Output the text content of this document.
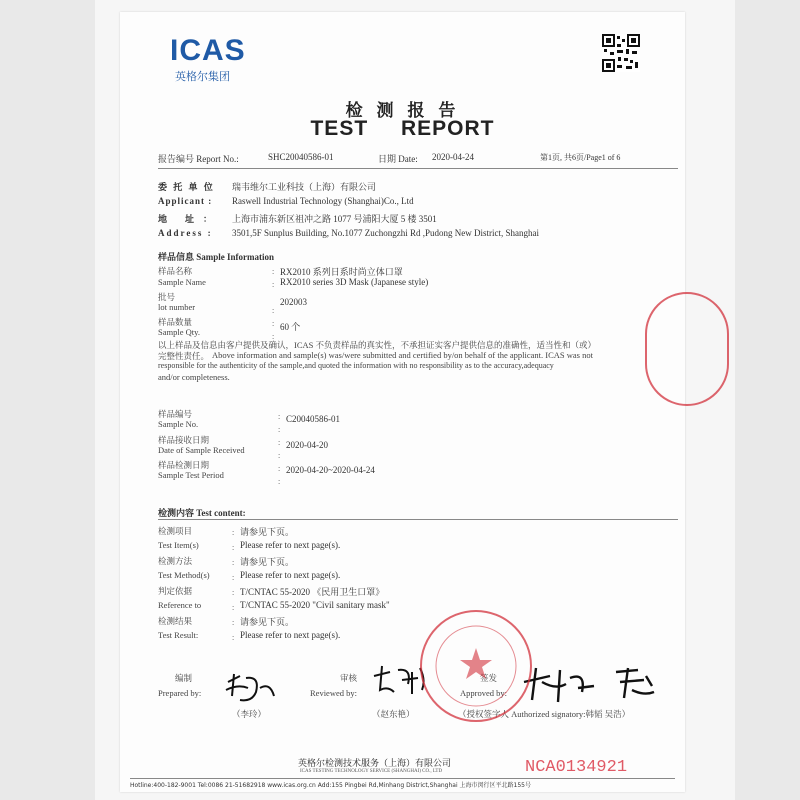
ICAS
英格尔集团
检 测 报 告
TEST REPORT
报告编号 Report No.:	SHC20040586-01	日期 Date: 2020-04-24	第1页, 共6页/Page1 of 6
委 托 单 位 瑞韦维尔工业科技（上海）有限公司
Applicant : Raswell Industrial Technology (Shanghai)Co., Ltd
地　　址　： 上海市浦东新区祖冲之路 1077 号浦阳大厦 5 楼 3501
Address : 3501,5F Sunplus Building, No.1077 Zuchongzhi Rd ,Pudong New District, Shanghai
样品信息 Sample Information
样品名称	RX2010 系列日系时尚立体口罩
Sample Name	RX2010 series 3D Mask (Japanese style)
批号
lot number	202003
样品数量
Sample Qty.	60 个
:
:

:
:
:
以上样品及信息由客户提供及确认，ICAS 不负责样品的真实性，不承担证实客户提供信息的准确性，适当性和（或）
完整性责任。 Above information and sample(s) was/were submitted and certified by/on behalf of the applicant. ICAS was not
responsible for the authenticity of the sample,and quoted the information with no responsibility as to the accuracy,adequacy
and/or completeness.
样品编号
Sample No.	C20040586-01
样品接收日期
Date of Sample Received	2020-04-20
样品检测日期
Sample Test Period	2020-04-20~2020-04-24
:
:
:
:
:
:
检测内容 Test content:
检测项目	请参见下页。
Test Item(s)	Please refer to next page(s).
检测方法	请参见下页。
Test Method(s)	Please refer to next page(s).
判定依据	T/CNTAC 55-2020 《民用卫生口罩》
Reference to	T/CNTAC 55-2020 "Civil sanitary mask"
检测结果	请参见下页。
Test Result:	Please refer to next page(s).
:
:
:
:
:
:
:
:
编制
Prepared by:
（李玲）
审核
Reviewed by:
（赵东艳）
签发
Approved by:
（授权签字人 Authorized signatory:韩韬 吴浩）
英格尔检测技术服务（上海）有限公司
ICAS TESTING TECHNOLOGY SERVICE (SHANGHAI) CO., LTD	NCA0134921
Hotline:400-182-9001 Tel:0086 21-51682918 www.icas.org.cn Add:155 Pingbei Rd,Minhang District,Shanghai 上海市闵行区平北路155号
